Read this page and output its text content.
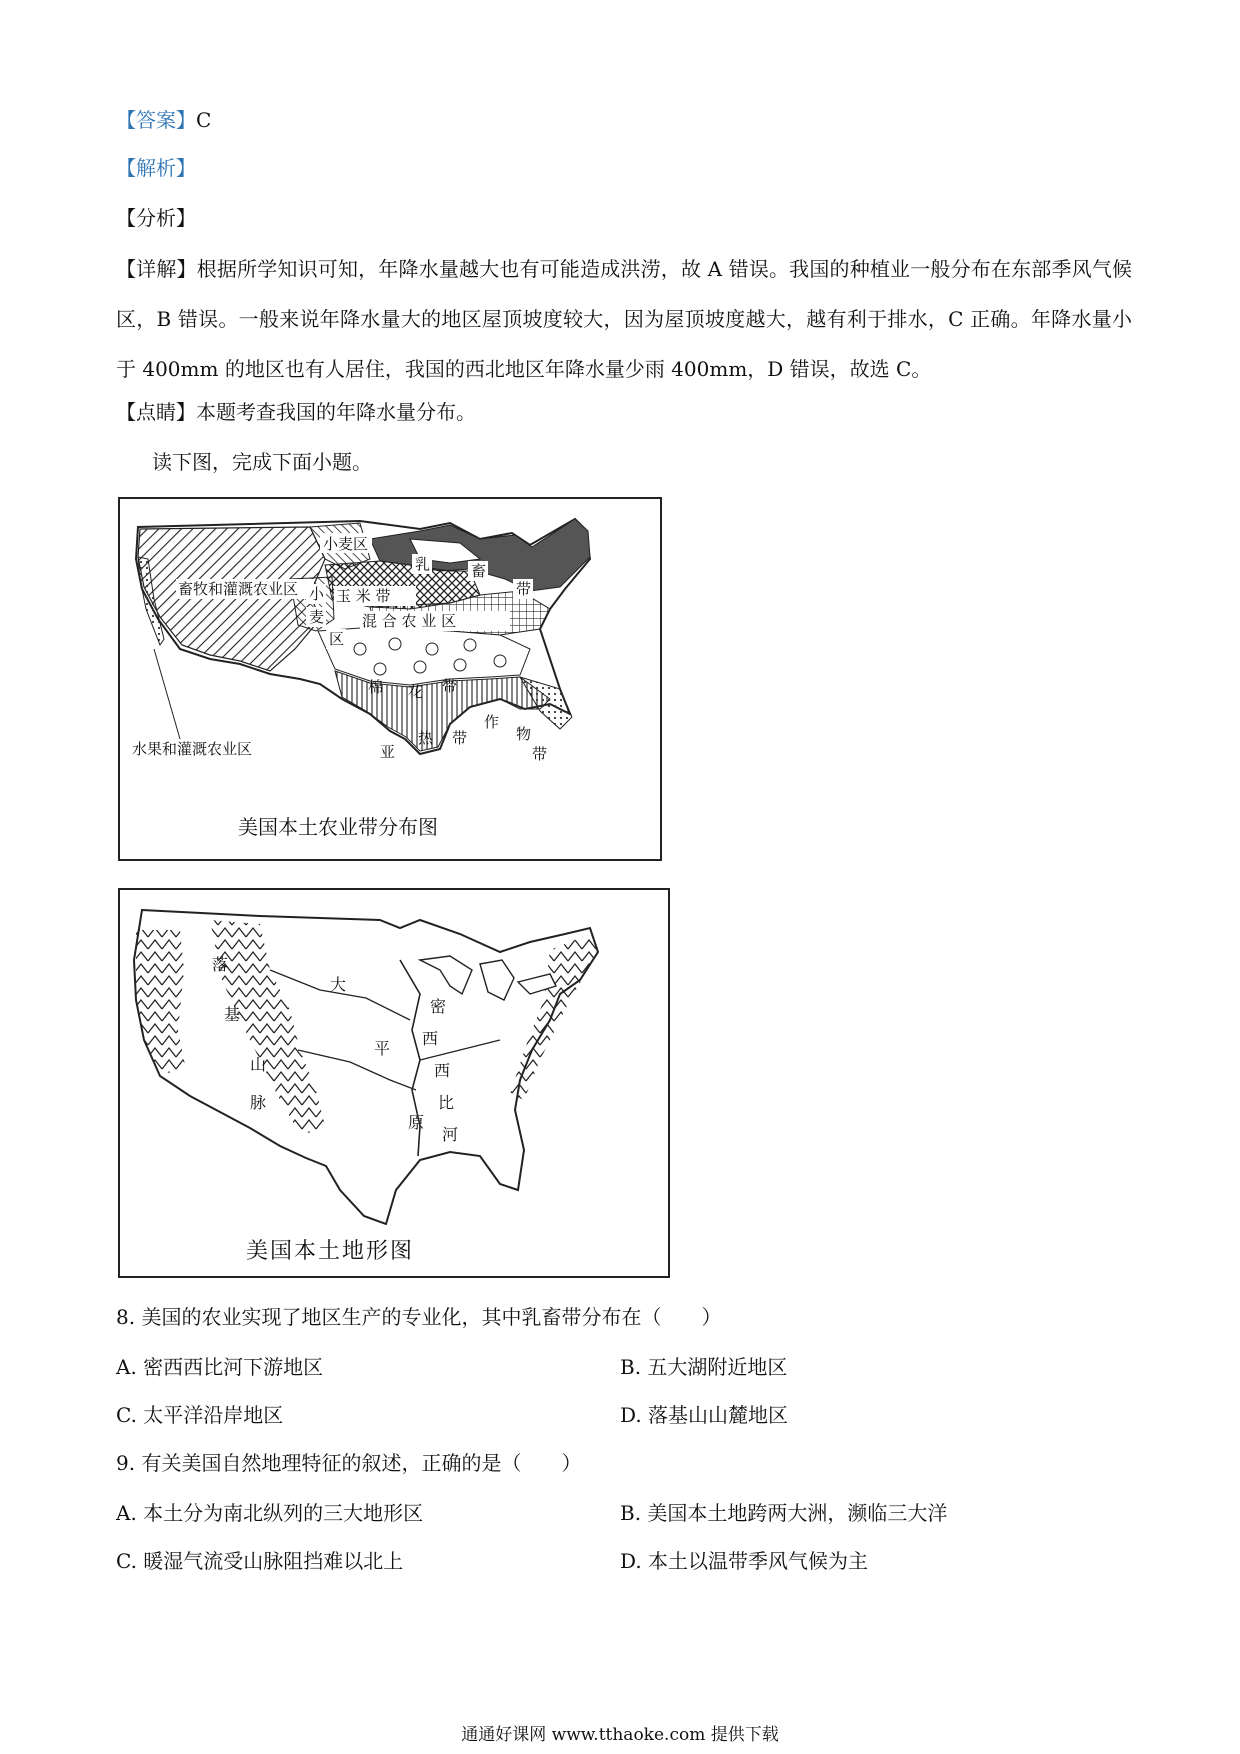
【答案】C
【解析】
【分析】
【详解】根据所学知识可知，年降水量越大也有可能造成洪涝，故 A 错误。我国的种植业一般分布在东部季风气候区，B 错误。一般来说年降水量大的地区屋顶坡度较大，因为屋顶坡度越大，越有利于排水，C 正确。年降水量小于 400mm 的地区也有人居住，我国的西北地区年降水量少雨 400mm，D 错误，故选 C。
【点睛】本题考查我国的年降水量分布。
读下图，完成下面小题。
小麦区
畜牧和灌溉农业区
乳	畜
带
玉 米 带
小
麦
区
混 合 农 业 区
棉 花 带
水果和灌溉农业区	亚
热 带
作
物
带
美国本土农业带分布图
落
基
山
脉
大
平
原
密
西
西
比
河
美国本土地形图
8. 美国的农业实现了地区生产的专业化，其中乳畜带分布在（　　）
A. 密西西比河下游地区	B. 五大湖附近地区
C. 太平洋沿岸地区	D. 落基山山麓地区
9. 有关美国自然地理特征的叙述，正确的是（　　）
A. 本土分为南北纵列的三大地形区	B. 美国本土地跨两大洲，濒临三大洋
C. 暖湿气流受山脉阻挡难以北上	D. 本土以温带季风气候为主
通通好课网 www.tthaoke.com 提供下载
